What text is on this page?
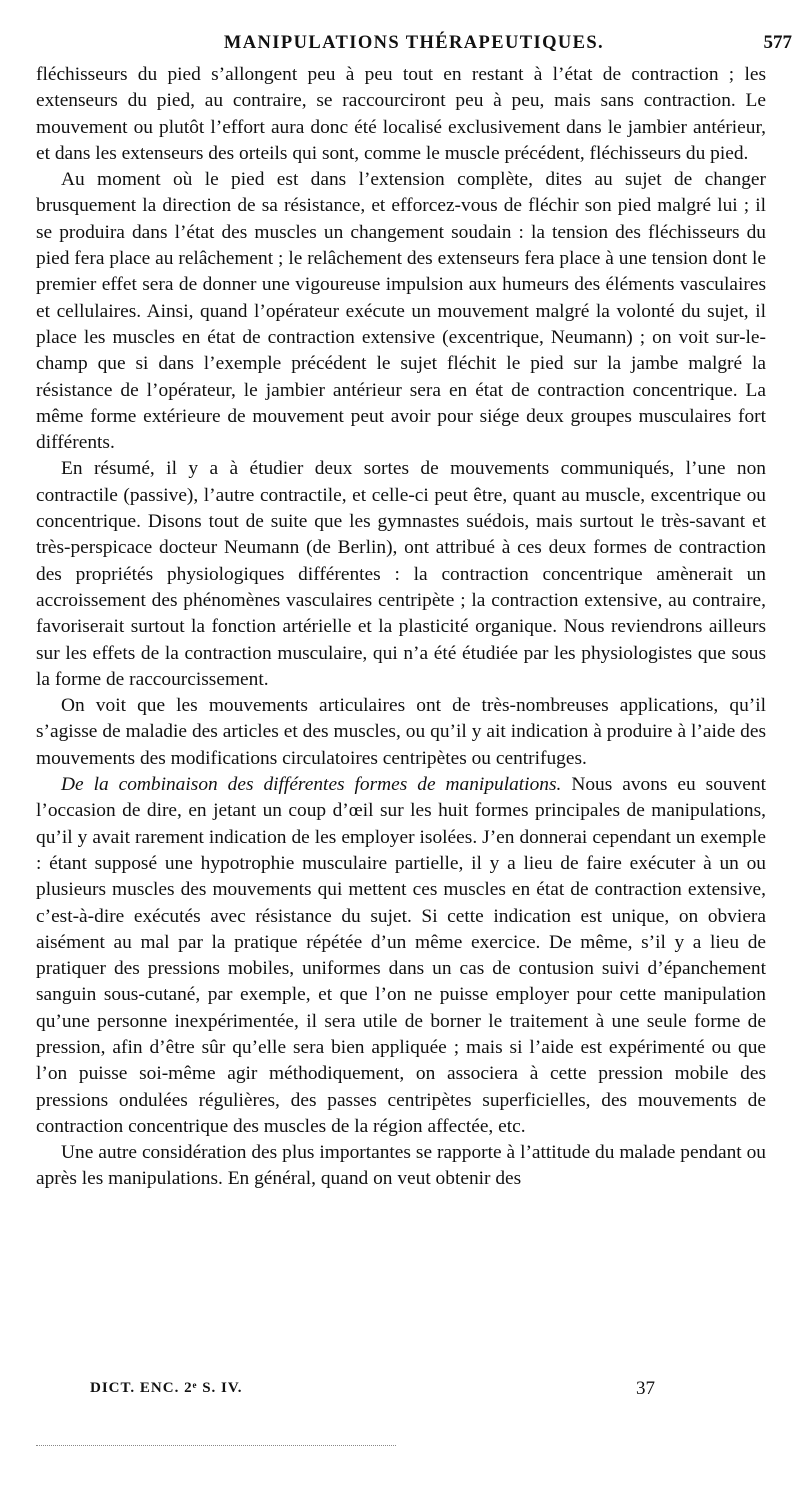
MANIPULATIONS THÉRAPEUTIQUES.	577

fléchisseurs du pied s’allongent peu à peu tout en restant à l’état de contraction ; les extenseurs du pied, au contraire, se raccourciront peu à peu, mais sans contraction. Le mouvement ou plutôt l’effort aura donc été localisé exclusivement dans le jambier antérieur, et dans les extenseurs des orteils qui sont, comme le muscle précédent, fléchisseurs du pied.

Au moment où le pied est dans l’extension complète, dites au sujet de changer brusquement la direction de sa résistance, et efforcez-vous de fléchir son pied malgré lui ; il se produira dans l’état des muscles un changement soudain : la tension des fléchisseurs du pied fera place au relâchement ; le relâchement des extenseurs fera place à une tension dont le premier effet sera de donner une vigoureuse impulsion aux humeurs des éléments vasculaires et cellulaires. Ainsi, quand l’opérateur exécute un mouvement malgré la volonté du sujet, il place les muscles en état de contraction extensive (excentrique, Neumann) ; on voit sur-le-champ que si dans l’exemple précédent le sujet fléchit le pied sur la jambe malgré la résistance de l’opérateur, le jambier antérieur sera en état de contraction concentrique. La même forme extérieure de mouvement peut avoir pour siége deux groupes musculaires fort différents.

En résumé, il y a à étudier deux sortes de mouvements communiqués, l’une non contractile (passive), l’autre contractile, et celle-ci peut être, quant au muscle, excentrique ou concentrique. Disons tout de suite que les gymnastes suédois, mais surtout le très-savant et très-perspicace docteur Neumann (de Berlin), ont attribué à ces deux formes de contraction des propriétés physiologiques différentes : la contraction concentrique amènerait un accroissement des phénomènes vasculaires centripète ; la contraction extensive, au contraire, favoriserait surtout la fonction artérielle et la plasticité organique. Nous reviendrons ailleurs sur les effets de la contraction musculaire, qui n’a été étudiée par les physiologistes que sous la forme de raccourcissement.

On voit que les mouvements articulaires ont de très-nombreuses applications, qu’il s’agisse de maladie des articles et des muscles, ou qu’il y ait indication à produire à l’aide des mouvements des modifications circulatoires centripètes ou centrifuges.

De la combinaison des différentes formes de manipulations. Nous avons eu souvent l’occasion de dire, en jetant un coup d’œil sur les huit formes principales de manipulations, qu’il y avait rarement indication de les employer isolées. J’en donnerai cependant un exemple : étant supposé une hypotrophie musculaire partielle, il y a lieu de faire exécuter à un ou plusieurs muscles des mouvements qui mettent ces muscles en état de contraction extensive, c’est-à-dire exécutés avec résistance du sujet. Si cette indication est unique, on obviera aisément au mal par la pratique répétée d’un même exercice. De même, s’il y a lieu de pratiquer des pressions mobiles, uniformes dans un cas de contusion suivi d’épanchement sanguin sous-cutané, par exemple, et que l’on ne puisse employer pour cette manipulation qu’une personne inexpérimentée, il sera utile de borner le traitement à une seule forme de pression, afin d’être sûr qu’elle sera bien appliquée ; mais si l’aide est expérimenté ou que l’on puisse soi-même agir méthodiquement, on associera à cette pression mobile des pressions ondulées régulières, des passes centripètes superficielles, des mouvements de contraction concentrique des muscles de la région affectée, etc.

Une autre considération des plus importantes se rapporte à l’attitude du malade pendant ou après les manipulations. En général, quand on veut obtenir des

DICT. ENC. 2ᵉ S. IV.	37
